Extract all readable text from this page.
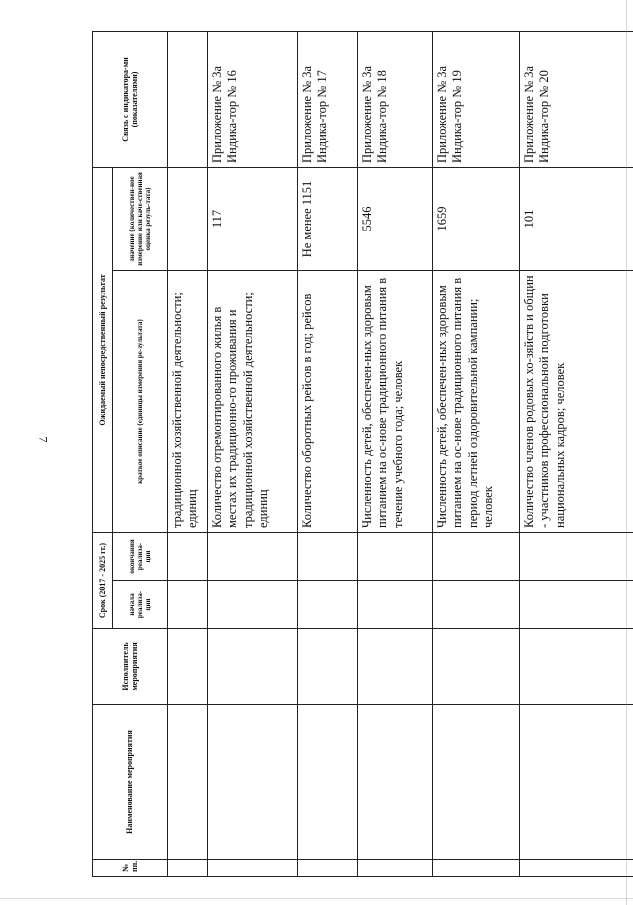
7
№ пп.	Наименование мероприятия	Исполнитель мероприятия	Срок (2017 - 2025 гг.)		Ожидаемый непосредственный результат		Связь с индикатора-ми (показателями)
			начала реализа-ции	окончания реализа-ции	краткое описание (единицы измерения ре-зультата)	значение (количествен-ное измерение или каче-ственная оценка резуль-тата)	
					традиционной хозяйственной деятельности; единиц		
					Количество отремонтированного жилья в местах их традиционно-го проживания и традиционной хозяйственной деятельности; единиц	117	Приложение № 3а Индика-тор № 16
					Количество оборотных рейсов в год; рейсов	Не менее 1151	Приложение № 3а Индика-тор № 17
					Численность детей, обеспечен-ных здоровым питанием на ос-нове традиционного питания в течение учебного года; человек	5546	Приложение № 3а Индика-тор № 18
					Численность детей, обеспечен-ных здоровым питанием на ос-нове традиционного питания в период летней оздоровительной кампании; человек	1659	Приложение № 3а Индика-тор № 19
					Количество членов родовых хо-зяйств и общин - участников профессиональной подготовки национальных кадров; человек	101	Приложение № 3а Индика-тор № 20
